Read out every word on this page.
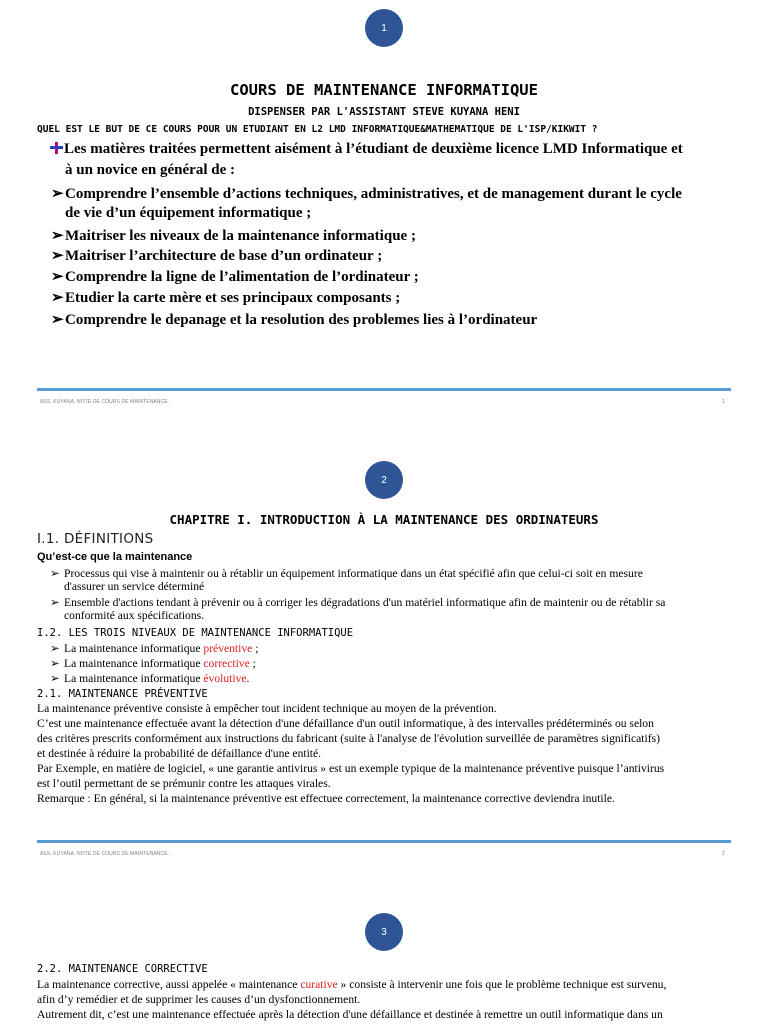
1
COURS DE MAINTENANCE INFORMATIQUE
DISPENSER PAR L'ASSISTANT STEVE KUYANA HENI
QUEL EST LE BUT DE CE COURS POUR UN ETUDIANT EN L2 LMD INFORMATIQUE&MATHEMATIQUE DE L'ISP/KIKWIT ?
Les matières traitées permettent aisément à l’étudiant de deuxième licence LMD Informatique et
à un novice en général de :
➢Comprendre l’ensemble d’actions techniques, administratives, et de management durant le cycle
de vie d’un équipement informatique ;
➢Maitriser les niveaux de la maintenance informatique ;
➢Maitriser l’architecture de base d’un ordinateur ;
➢Comprendre la ligne de l’alimentation de l’ordinateur ;
➢Etudier la carte mère et ses principaux composants ;
➢Comprendre le depanage et la resolution des problemes lies à l’ordinateur
ASS. KUYANA, NOTE DE COURS DE MAINTENANCE.	1
2
CHAPITRE I. INTRODUCTION À LA MAINTENANCE DES ORDINATEURS
I.1. DÉFINITIONS
Qu’est-ce que la maintenance
➢ Processus qui vise à maintenir ou à rétablir un équipement informatique dans un état spécifié afin que celui-ci soit en mesure
d'assurer un service déterminé
➢ Ensemble d'actions tendant à prévenir ou à corriger les dégradations d'un matériel informatique afin de maintenir ou de rétablir sa
conformité aux spécifications.
I.2. LES TROIS NIVEAUX DE MAINTENANCE INFORMATIQUE
➢ La maintenance informatique préventive ;
➢ La maintenance informatique corrective ;
➢ La maintenance informatique évolutive.
2.1. MAINTENANCE PRÉVENTIVE
La maintenance préventive consiste à empêcher tout incident technique au moyen de la prévention.
C’est une maintenance effectuée avant la détection d'une défaillance d'un outil informatique, à des intervalles prédéterminés ou selon
des critères prescrits conformément aux instructions du fabricant (suite à l'analyse de l'évolution surveillée de paramètres significatifs)
et destinée à réduire la probabilité de défaillance d'une entité.
Par Exemple, en matière de logiciel, « une garantie antivirus » est un exemple typique de la maintenance préventive puisque l’antivirus
est l’outil permettant de se prémunir contre les attaques virales.
Remarque : En général, si la maintenance préventive est effectuee correctement, la maintenance corrective deviendra inutile.
ASS. KUYANA, NOTE DE COURS DE MAINTENANCE.	2
3
2.2. MAINTENANCE CORRECTIVE
La maintenance corrective, aussi appelée « maintenance curative » consiste à intervenir une fois que le problème technique est survenu,
afin d’y remédier et de supprimer les causes d’un dysfonctionnement.
Autrement dit, c’est une maintenance effectuée après la détection d'une défaillance et destinée à remettre un outil informatique dans un
